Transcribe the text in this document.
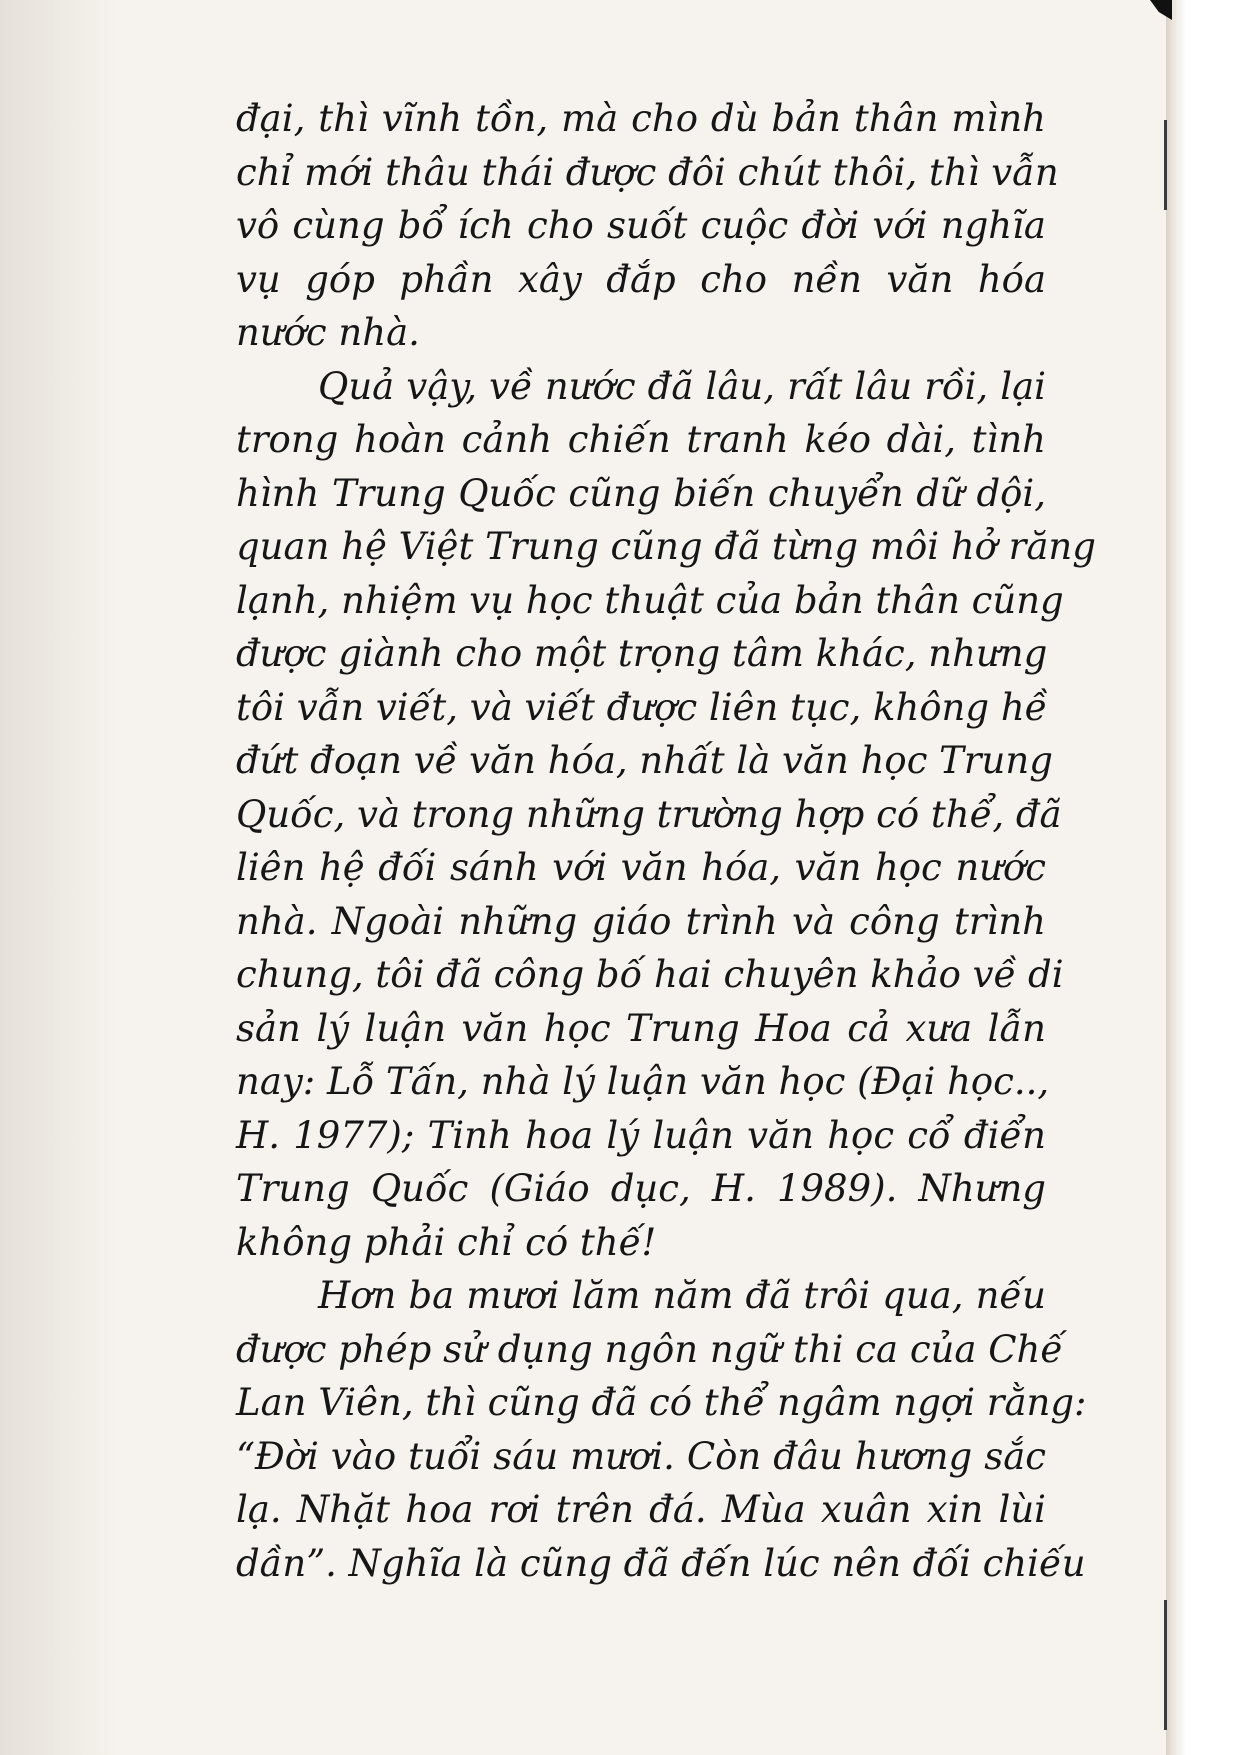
đại, thì vĩnh tồn, mà cho dù bản thân mình
chỉ mới thâu thái được đôi chút thôi, thì vẫn
vô cùng bổ ích cho suốt cuộc đời với nghĩa
vụ góp phần xây đắp cho nền văn hóa
nước nhà.
Quả vậy, về nước đã lâu, rất lâu rồi, lại
trong hoàn cảnh chiến tranh kéo dài, tình
hình Trung Quốc cũng biến chuyển dữ dội,
quan hệ Việt Trung cũng đã từng môi hở răng
lạnh, nhiệm vụ học thuật của bản thân cũng
được giành cho một trọng tâm khác, nhưng
tôi vẫn viết, và viết được liên tục, không hề
đứt đoạn về văn hóa, nhất là văn học Trung
Quốc, và trong những trường hợp có thể, đã
liên hệ đối sánh với văn hóa, văn học nước
nhà. Ngoài những giáo trình và công trình
chung, tôi đã công bố hai chuyên khảo về di
sản lý luận văn học Trung Hoa cả xưa lẫn
nay: Lỗ Tấn, nhà lý luận văn học (Đại học..,
H. 1977); Tinh hoa lý luận văn học cổ điển
Trung Quốc (Giáo dục, H. 1989). Nhưng
không phải chỉ có thế!
Hơn ba mươi lăm năm đã trôi qua, nếu
được phép sử dụng ngôn ngữ thi ca của Chế
Lan Viên, thì cũng đã có thể ngâm ngợi rằng:
“Đời vào tuổi sáu mươi. Còn đâu hương sắc
lạ. Nhặt hoa rơi trên đá. Mùa xuân xin lùi
dần”. Nghĩa là cũng đã đến lúc nên đối chiếu
